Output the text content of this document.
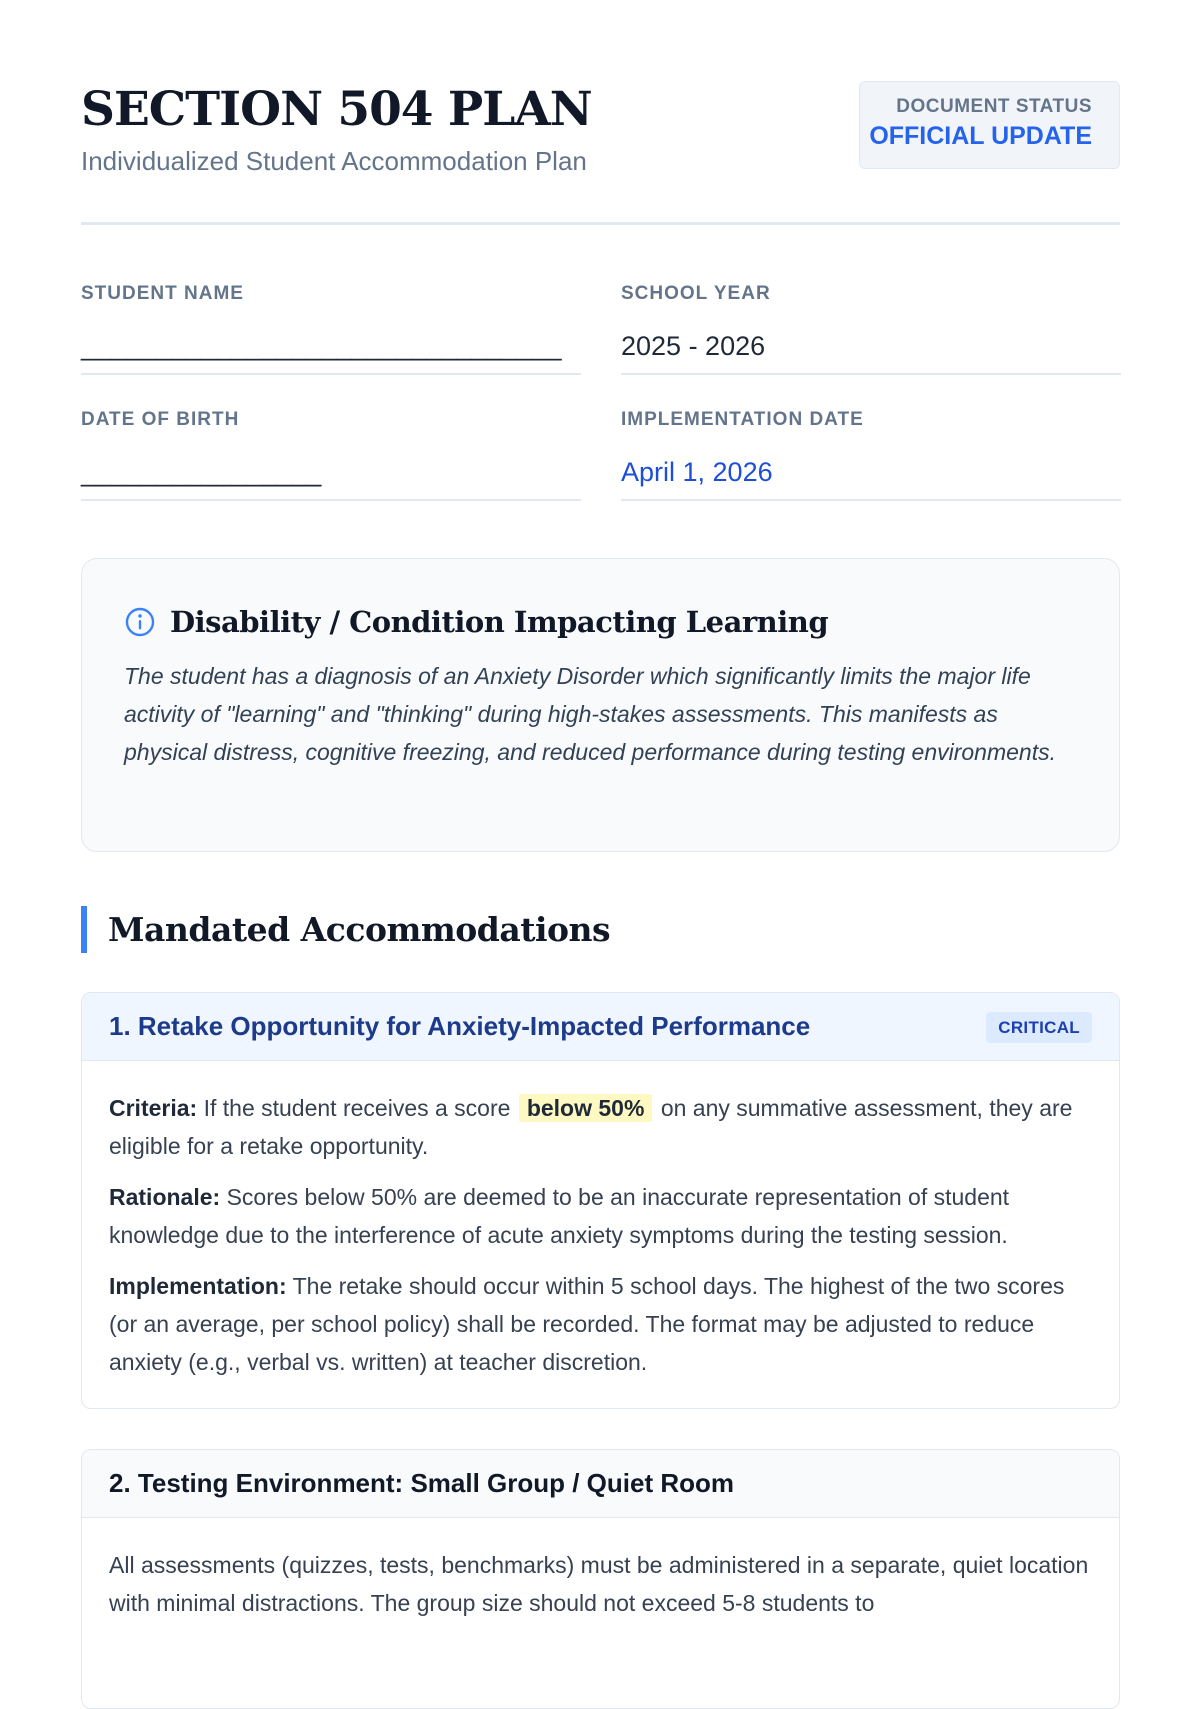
SECTION 504 PLAN
Individualized Student Accommodation Plan
DOCUMENT STATUS
OFFICIAL UPDATE
STUDENT NAME
________________________________
SCHOOL YEAR
2025 - 2026
DATE OF BIRTH
________________
IMPLEMENTATION DATE
April 1, 2026
Disability / Condition Impacting Learning
The student has a diagnosis of an Anxiety Disorder which significantly limits the major life activity of "learning" and "thinking" during high-stakes assessments. This manifests as physical distress, cognitive freezing, and reduced performance during testing environments.
Mandated Accommodations
1. Retake Opportunity for Anxiety-Impacted Performance	CRITICAL

Criteria: If the student receives a score below 50% on any summative assessment, they are eligible for a retake opportunity.

Rationale: Scores below 50% are deemed to be an inaccurate representation of student knowledge due to the interference of acute anxiety symptoms during the testing session.

Implementation: The retake should occur within 5 school days. The highest of the two scores (or an average, per school policy) shall be recorded. The format may be adjusted to reduce anxiety (e.g., verbal vs. written) at teacher discretion.

2. Testing Environment: Small Group / Quiet Room

All assessments (quizzes, tests, benchmarks) must be administered in a separate, quiet location with minimal distractions. The group size should not exceed 5-8 students to
